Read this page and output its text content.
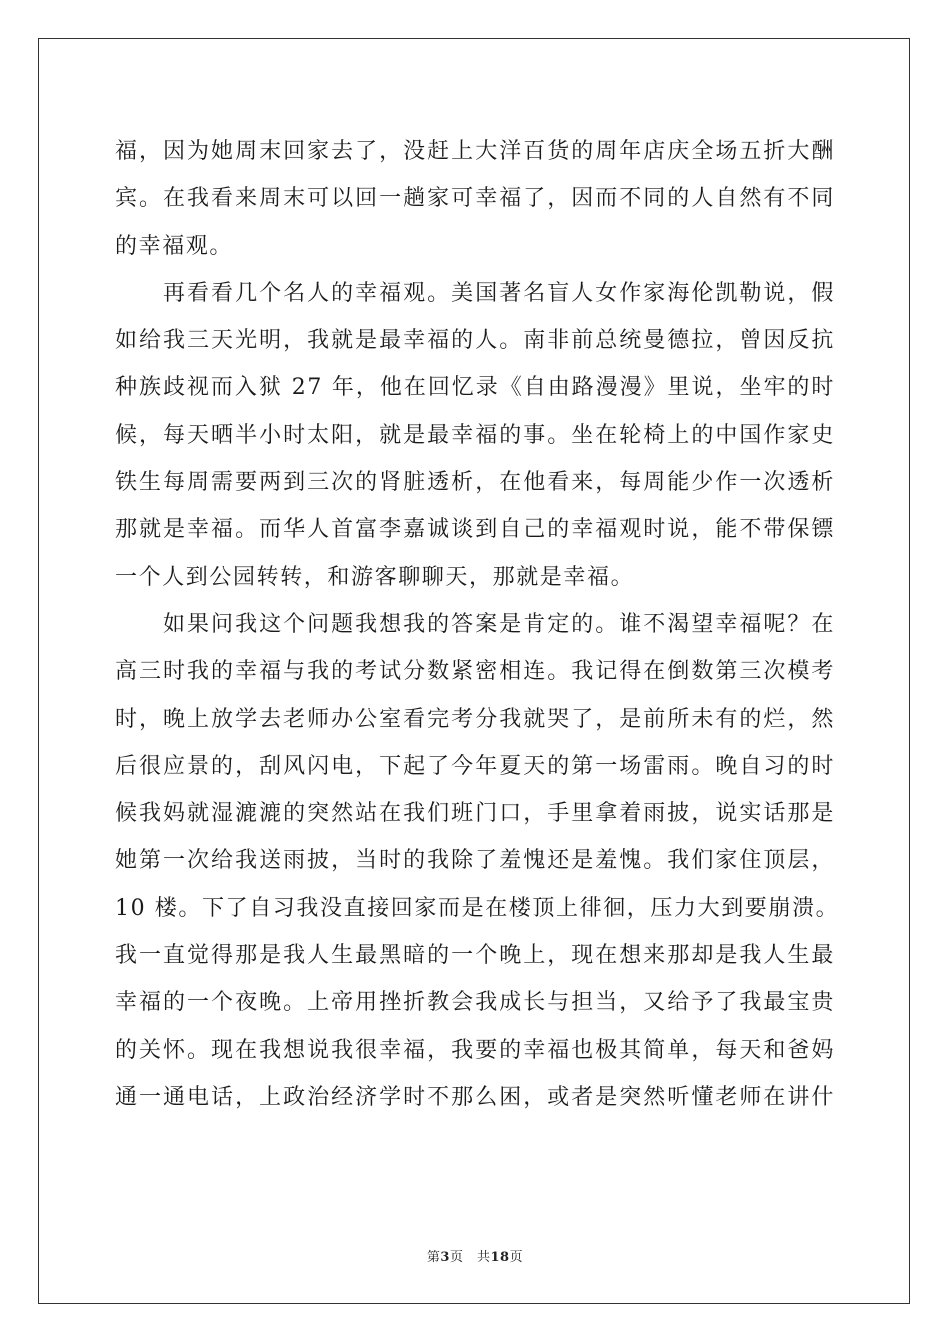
福，因为她周末回家去了，没赶上大洋百货的周年店庆全场五折大酬
宾。在我看来周末可以回一趟家可幸福了，因而不同的人自然有不同
的幸福观。
　　再看看几个名人的幸福观。美国著名盲人女作家海伦凯勒说，假
如给我三天光明，我就是最幸福的人。南非前总统曼德拉，曾因反抗
种族歧视而入狱 27 年，他在回忆录《自由路漫漫》里说，坐牢的时
候，每天晒半小时太阳，就是最幸福的事。坐在轮椅上的中国作家史
铁生每周需要两到三次的肾脏透析，在他看来，每周能少作一次透析
那就是幸福。而华人首富李嘉诚谈到自己的幸福观时说，能不带保镖
一个人到公园转转，和游客聊聊天，那就是幸福。
　　如果问我这个问题我想我的答案是肯定的。谁不渴望幸福呢？在
高三时我的幸福与我的考试分数紧密相连。我记得在倒数第三次模考
时，晚上放学去老师办公室看完考分我就哭了，是前所未有的烂，然
后很应景的，刮风闪电，下起了今年夏天的第一场雷雨。晚自习的时
候我妈就湿漉漉的突然站在我们班门口，手里拿着雨披，说实话那是
她第一次给我送雨披，当时的我除了羞愧还是羞愧。我们家住顶层，
10 楼。下了自习我没直接回家而是在楼顶上徘徊，压力大到要崩溃。
我一直觉得那是我人生最黑暗的一个晚上，现在想来那却是我人生最
幸福的一个夜晚。上帝用挫折教会我成长与担当，又给予了我最宝贵
的关怀。现在我想说我很幸福，我要的幸福也极其简单，每天和爸妈
通一通电话，上政治经济学时不那么困，或者是突然听懂老师在讲什
第3页　共18页
